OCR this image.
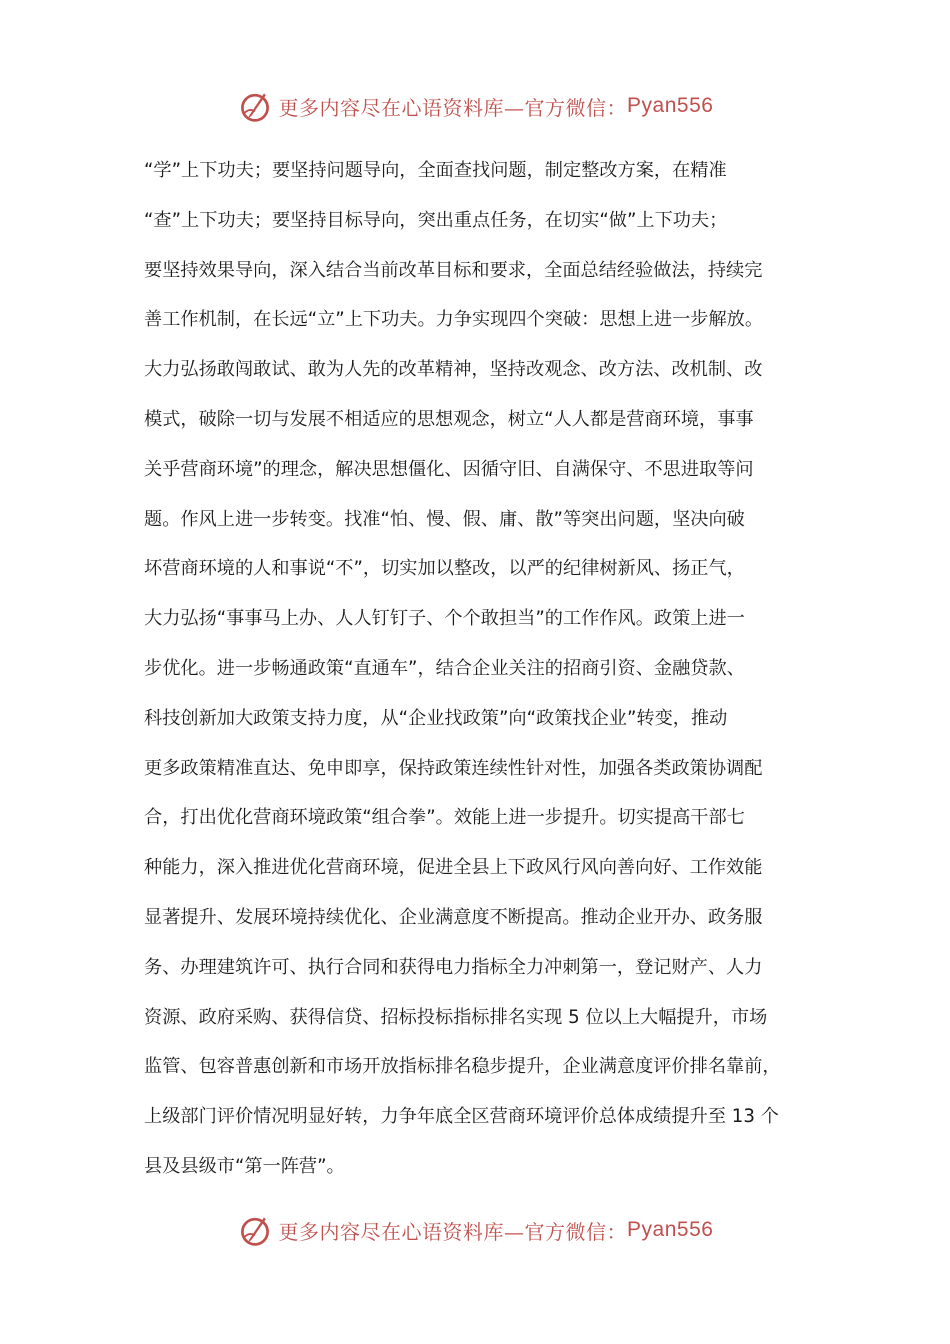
更多内容尽在心语资料库—官方微信： Pyan556
“学”上下功夫；要坚持问题导向，全面查找问题，制定整改方案，在精准
“查”上下功夫；要坚持目标导向，突出重点任务，在切实“做”上下功夫；
要坚持效果导向，深入结合当前改革目标和要求，全面总结经验做法，持续完
善工作机制，在长远“立”上下功夫。力争实现四个突破：思想上进一步解放。
大力弘扬敢闯敢试、敢为人先的改革精神，坚持改观念、改方法、改机制、改
模式，破除一切与发展不相适应的思想观念，树立“人人都是营商环境，事事
关乎营商环境”的理念，解决思想僵化、因循守旧、自满保守、不思进取等问
题。作风上进一步转变。找准“怕、慢、假、庸、散”等突出问题，坚决向破
坏营商环境的人和事说“不”，切实加以整改，以严的纪律树新风、扬正气，
大力弘扬“事事马上办、人人钉钉子、个个敢担当”的工作作风。政策上进一
步优化。进一步畅通政策“直通车”，结合企业关注的招商引资、金融贷款、
科技创新加大政策支持力度，从“企业找政策”向“政策找企业”转变，推动
更多政策精准直达、免申即享，保持政策连续性针对性，加强各类政策协调配
合，打出优化营商环境政策“组合拳”。效能上进一步提升。切实提高干部七
种能力，深入推进优化营商环境，促进全县上下政风行风向善向好、工作效能
显著提升、发展环境持续优化、企业满意度不断提高。推动企业开办、政务服
务、办理建筑许可、执行合同和获得电力指标全力冲刺第一，登记财产、人力
资源、政府采购、获得信贷、招标投标指标排名实现 5 位以上大幅提升，市场
监管、包容普惠创新和市场开放指标排名稳步提升，企业满意度评价排名靠前，
上级部门评价情况明显好转，力争年底全区营商环境评价总体成绩提升至 13 个
县及县级市“第一阵营”。
更多内容尽在心语资料库—官方微信： Pyan556
